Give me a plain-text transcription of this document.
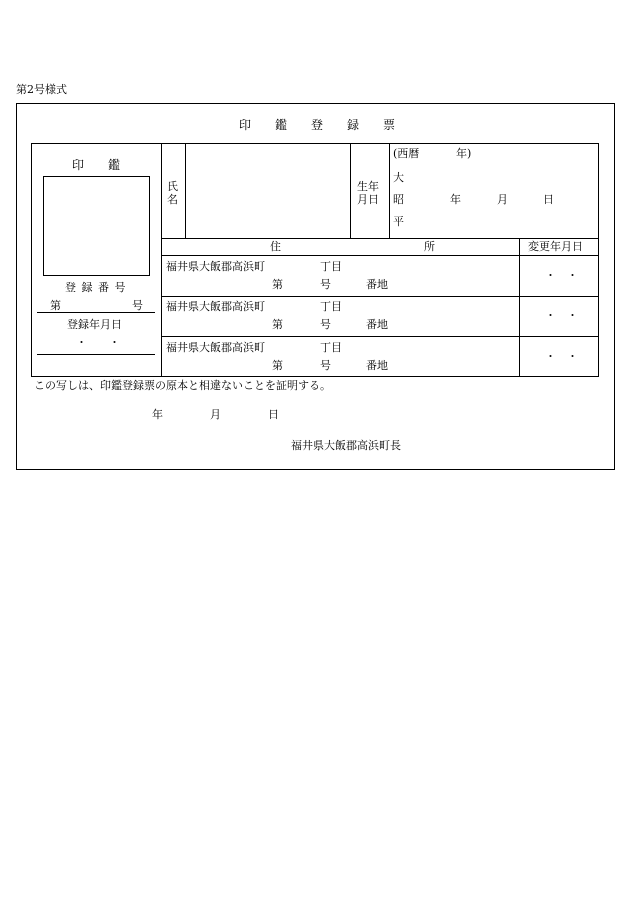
第2号様式
印　　鑑　　登　　録　　票
印　　鑑
登 録 番 号
第	号
登録年月日
・　　・
氏
名
生年
月日
(西暦	年)
大
昭
平
年	月	日
住　　　　　　　　　　　　　所	変更年月日
福井県大飯郡高浜町	丁目
第	号	番地
・　・
福井県大飯郡高浜町	丁目
第	号	番地
・　・
福井県大飯郡高浜町	丁目
第	号	番地
・　・
この写しは、印鑑登録票の原本と相違ないことを証明する。
年	月	日
福井県大飯郡高浜町長
